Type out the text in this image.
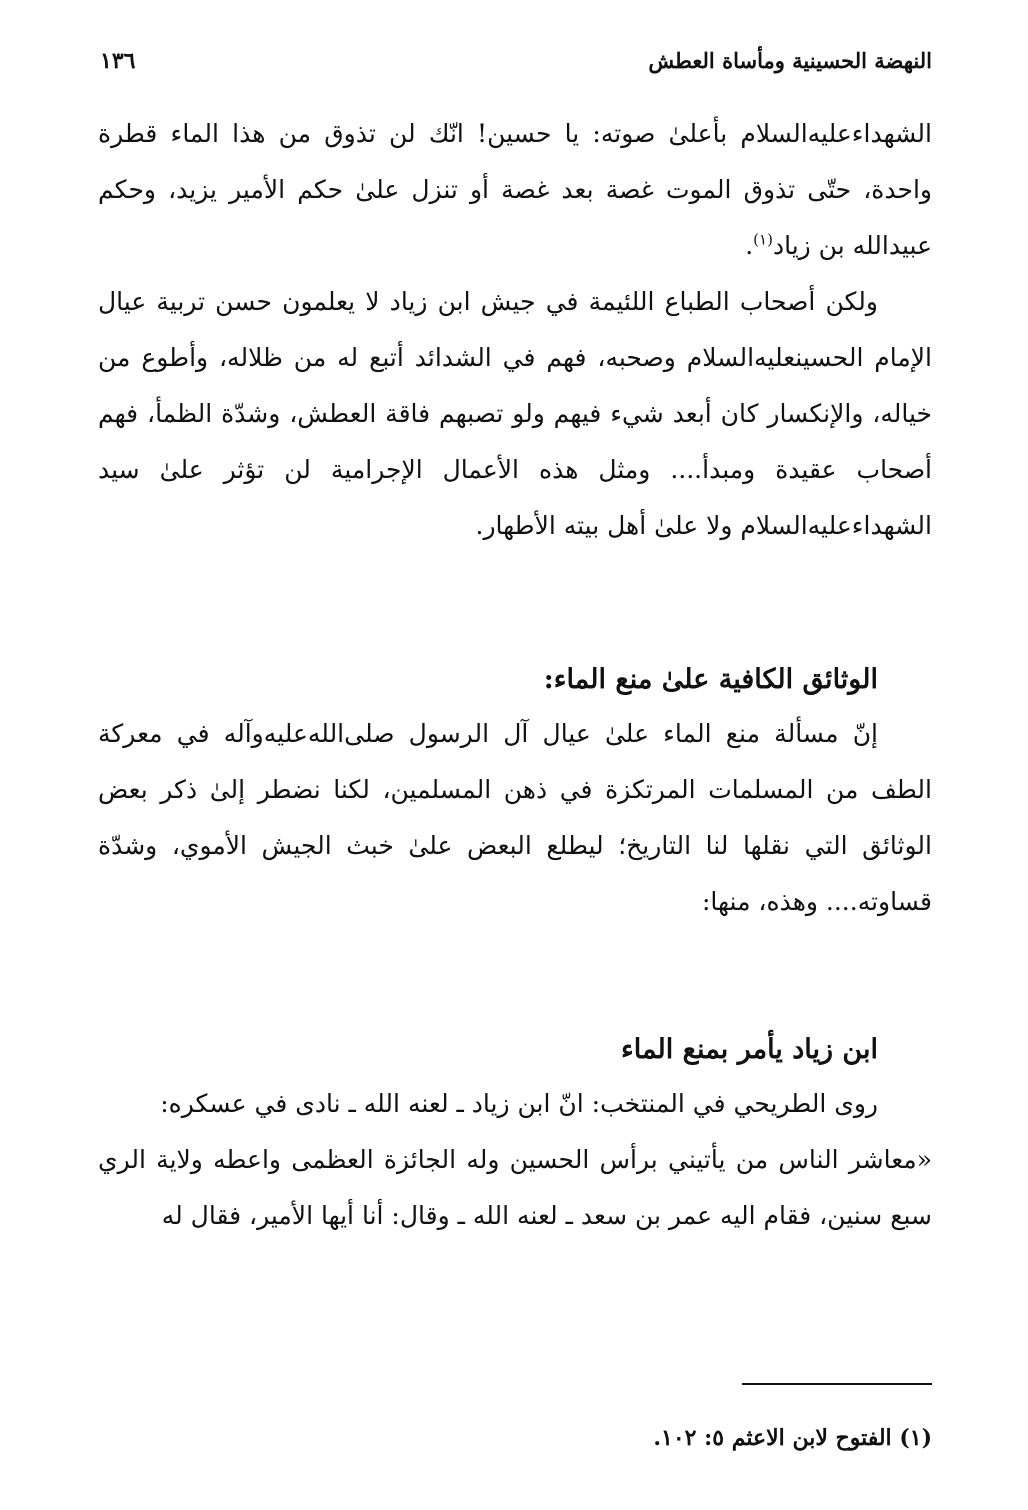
النهضة الحسينية ومأساة العطش
١٣٦

الشهداءعليه‌السلام بأعلىٰ صوته: يا حسين! انّك لن تذوق من هذا الماء قطرة واحدة، حتّى تذوق الموت غصة بعد غصة أو تنزل علىٰ حكم الأمير يزيد، وحكم عبيدالله بن زياد$^{(١)}$.

ولكن أصحاب الطباع اللئيمة في جيش ابن زياد لا يعلمون حسن تربية عيال الإمام الحسينعليه‌السلام وصحبه، فهم في الشدائد أتبع له من ظلاله، وأطوع من خياله، والإنكسار كان أبعد شيء فيهم ولو تصبهم فاقة العطش، وشدّة الظمأ، فهم أصحاب عقيدة ومبدأ.... ومثل هذه الأعمال الإجرامية لن تؤثر علىٰ سيد الشهداءعليه‌السلام ولا علىٰ أهل بيته الأطهار.

الوثائق الكافية علىٰ منع الماء:

إنّ مسألة منع الماء علىٰ عيال آل الرسول صلى‌الله‌عليه‌وآله في معركة الطف من المسلمات المرتكزة في ذهن المسلمين، لكنا نضطر إلىٰ ذكر بعض الوثائق التي نقلها لنا التاريخ؛ ليطلع البعض علىٰ خبث الجيش الأموي، وشدّة قساوته.... وهذه، منها:

ابن زياد يأمر بمنع الماء

روى الطريحي في المنتخب: انّ ابن زياد ـ لعنه الله ـ نادى في عسكره:

«معاشر الناس من يأتيني برأس الحسين وله الجائزة العظمى واعطه ولاية الري سبع سنين، فقام اليه عمر بن سعد ـ لعنه الله ـ وقال: أنا أيها الأمير، فقال له

(١) الفتوح لابن الاعثم ٥: ١٠٢.
